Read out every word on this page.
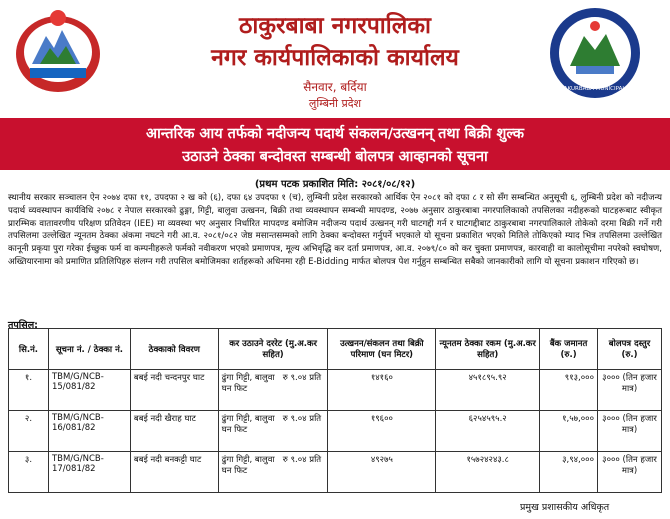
ठाकुरबाबा नगरपालिका
नगर कार्यपालिकाको कार्यालय
सैनवार, बर्दिया
लुम्बिनी प्रदेश
THAKURBABA MUNICIPALITY
आन्तरिक आय तर्फको नदीजन्य पदार्थ संकलन/उत्खनन् तथा बिक्री शुल्क
उठाउने ठेक्का बन्दोवस्त सम्बन्धी बोलपत्र आव्हानको सूचना
(प्रथम पटक प्रकाशित मिति: २०८१/०८/१२)
स्थानीय सरकार सञ्चालन ऐन २०७४ दफा ११, उपदफा २ ख को (६), दफा ६४ उपदफा १ (च), लुम्बिनी प्रदेश सरकारको आर्थिक ऐन २०८१ को दफा ८ र सो सँग सम्बन्धित अनुसूची ६, लुम्बिनी प्रदेश को नदीजन्य पदार्थ व्यवस्थापन कार्यविधि २०७८ र नेपाल सरकारको ढुङ्गा, गिट्टी, बालुवा उत्खनन, बिक्री तथा व्यवस्थापन सम्बन्धी मापदण्ड, २०७७ अनुसार ठाकुरबाबा नगरपालिकाको तपसिलका नदीहरूको घाटहरूबाट स्वीकृत प्रारम्भिक वातावरणीय परिक्षण प्रतिवेदन (IEE) मा व्यवस्था भए अनुसार निर्धारित मापदण्ड बमोजिम नदीजन्य पदार्थ उत्खनन् गरी घाटगद्दी गर्न र घाटगद्दीबाट ठाकुरबाबा नगरपालिकाले तोकेको दरमा बिक्री गर्ने गरी तपसिलमा उल्लेखित न्यूनतम ठेक्का अंकमा नघटने गरी आ.व. २०८१/०८२ जेष्ठ मसान्तसम्मको लागि ठेक्का बन्दोवस्त गर्नुपर्ने भएकाले यो सूचना प्रकाशित भएको मितिले तोकिएको म्याद भित्र तपसिलमा उल्लेखित कानूनी प्रकृया पुरा गरेका ईच्छुक फर्म वा कम्पनीहरूले फर्मको नवीकरण भएको प्रमाणपत्र, मूल्य अभिवृद्धि कर दर्ता प्रमाणपत्र, आ.व. २०७९/८० को कर चुक्ता प्रमाणपत्र, कारवाही वा कालोसूचीमा नपरेको स्वघोषण, अख्तियारनामा को प्रमाणित प्रतिलिपिहरु संलग्न गरी तपसिल बमोजिमका शर्तहरूको अधिनमा रही E-Bidding मार्फत बोलपत्र पेश गर्नुहुन सम्बन्धित सबैको जानकारीको लागि यो सूचना प्रकाशन गरिएको छ।
तपसिल:
सि.नं.	सूचना नं. / ठेक्का नं.	ठेक्काको विवरण	कर उठाउने दररेट (मु.अ.कर सहित)	उत्खनन/संकलन तथा बिक्री परिमाण (घन मिटर)	न्यूनतम ठेक्का रकम (मु.अ.कर सहित)	बैंक जमानत (रु.)	बोलपत्र दस्तुर (रु.)
१.	TBM/G/NCB-15/081/82	बबई नदी चन्दनपुर घाट	ढुंगा गिट्टी, बालुवा रु ९.०४ प्रति घन फिट	१४१६०	४५१८९५.९२	९१३,०००	३००० (तिन हजार मात्र)
२.	TBM/G/NCB-16/081/82	बबई नदी खैराह घाट	ढुंगा गिट्टी, बालुवा रु ९.०४ प्रति घन फिट	१९६००	६२५४५९५.२	१,५७,०००	३००० (तिन हजार मात्र)
३.	TBM/G/NCB-17/081/82	बबई नदी बनकट्टी घाट	ढुंगा गिट्टी, बालुवा रु ९.०४ प्रति घन फिट	४९२७५	१५७२४२४३.८	३,९४,०००	३००० (तिन हजार मात्र)
प्रमुख प्रशासकीय अधिकृत
